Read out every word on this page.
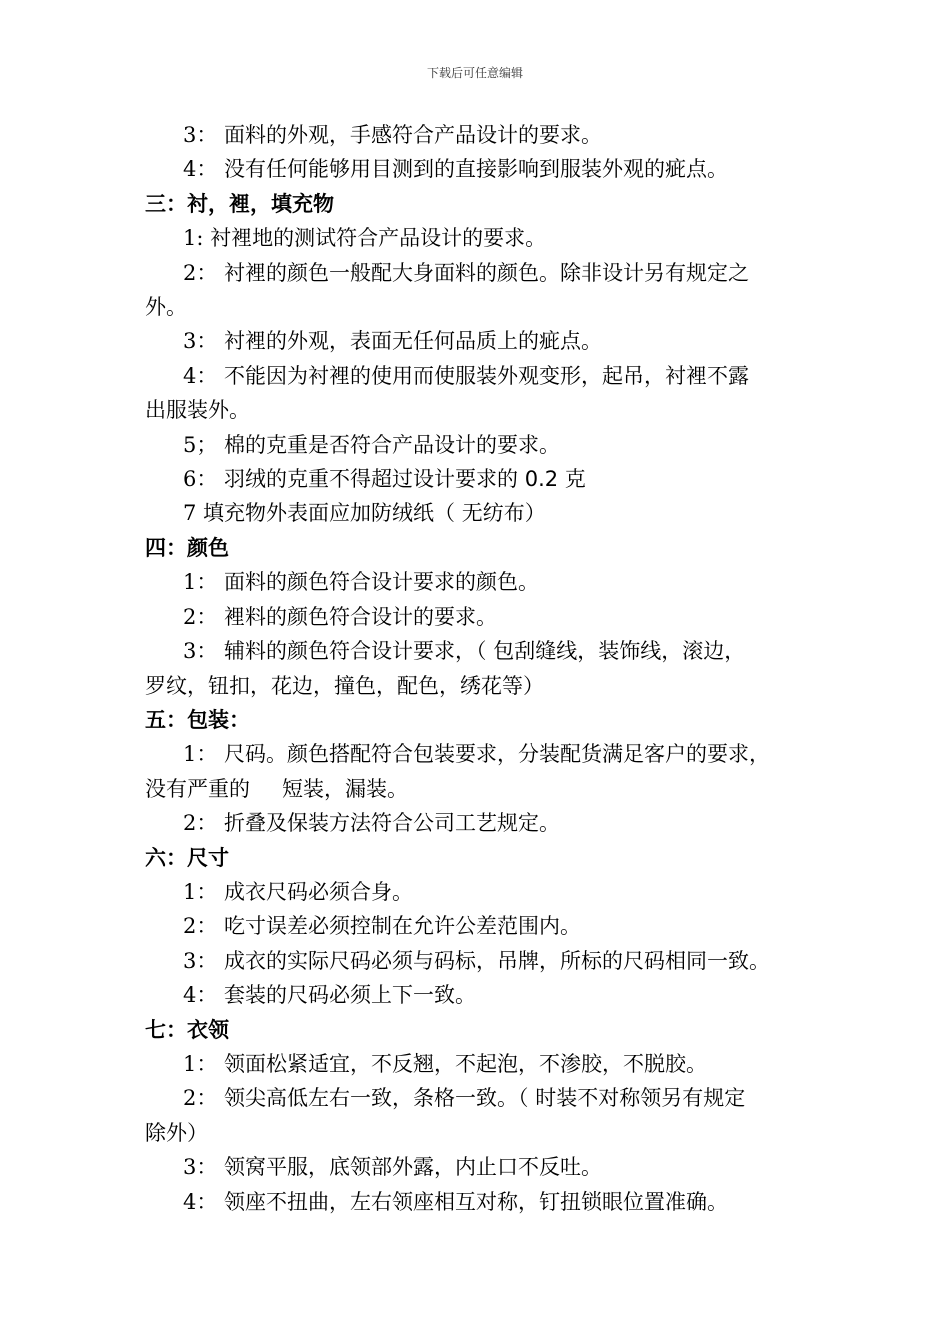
下载后可任意编辑
3： 面料的外观，手感符合产品设计的要求。
4： 没有任何能够用目测到的直接影响到服装外观的疵点。
三：衬，裡，填充物
1: 衬裡地的测试符合产品设计的要求。
2： 衬裡的颜色一般配大身面料的颜色。除非设计另有规定之
外。
3： 衬裡的外观，表面无任何品质上的疵点。
4： 不能因为衬裡的使用而使服装外观变形，起吊，衬裡不露
出服装外。
5； 棉的克重是否符合产品设计的要求。
6： 羽绒的克重不得超过设计要求的 0.2 克
7 填充物外表面应加防绒纸（ 无纺布）
四：颜色
1： 面料的颜色符合设计要求的颜色。
2： 裡料的颜色符合设计的要求。
3： 辅料的颜色符合设计要求，（ 包刮缝线，装饰线，滚边，
罗纹，钮扣，花边，撞色，配色，绣花等）
五：包装：
1： 尺码。颜色搭配符合包装要求，分装配货满足客户的要求，
没有严重的 短装，漏装。
2： 折叠及保装方法符合公司工艺规定。
六：尺寸
1： 成衣尺码必须合身。
2： 吃寸误差必须控制在允许公差范围内。
3： 成衣的实际尺码必须与码标，吊牌，所标的尺码相同一致。
4： 套装的尺码必须上下一致。
七：衣领
1： 领面松紧适宜，不反翘，不起泡，不渗胶，不脱胶。
2： 领尖高低左右一致，条格一致。（ 时装不对称领另有规定
除外）
3： 领窝平服，底领部外露，内止口不反吐。
4： 领座不扭曲，左右领座相互对称，钉扭锁眼位置准确。
